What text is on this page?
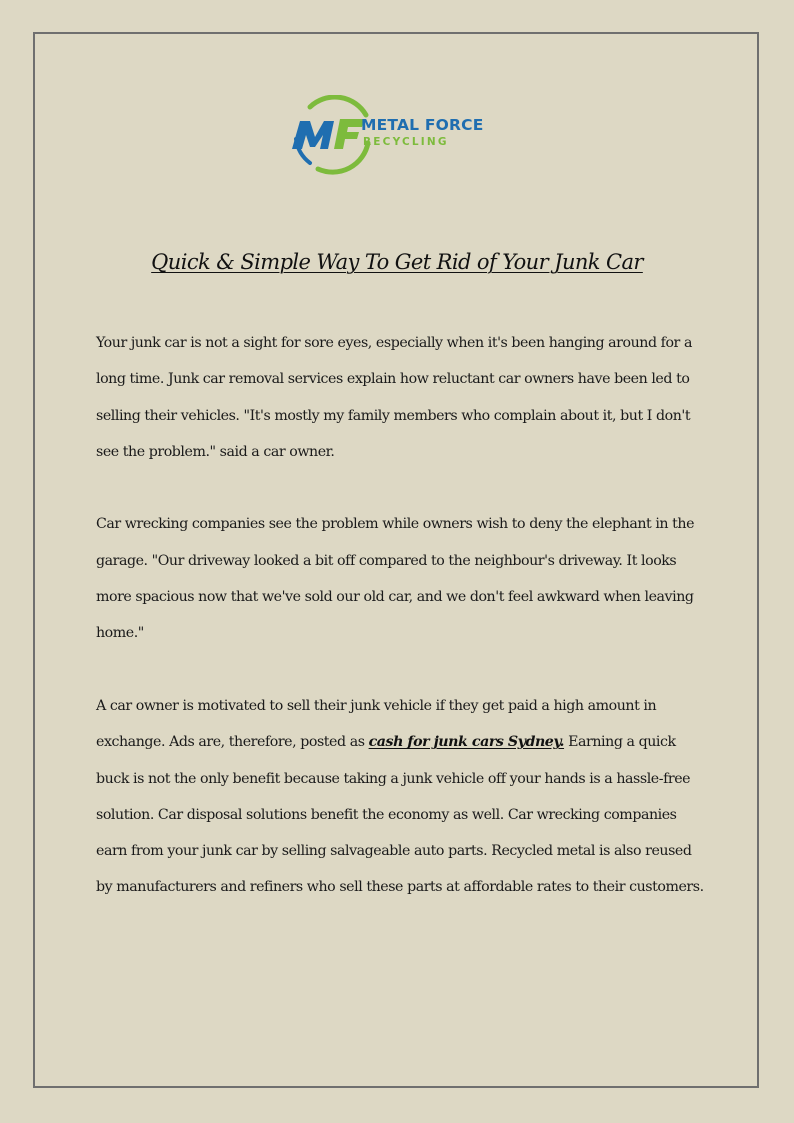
METAL FORCE
RECYCLING
Quick & Simple Way To Get Rid of Your Junk Car

Your junk car is not a sight for sore eyes, especially when it's been hanging around for a long time. Junk car removal services explain how reluctant car owners have been led to selling their vehicles. "It's mostly my family members who complain about it, but I don't see the problem." said a car owner.

Car wrecking companies see the problem while owners wish to deny the elephant in the garage. "Our driveway looked a bit off compared to the neighbour's driveway. It looks more spacious now that we've sold our old car, and we don't feel awkward when leaving home."

A car owner is motivated to sell their junk vehicle if they get paid a high amount in exchange. Ads are, therefore, posted as cash for junk cars Sydney. Earning a quick buck is not the only benefit because taking a junk vehicle off your hands is a hassle-free solution. Car disposal solutions benefit the economy as well. Car wrecking companies earn from your junk car by selling salvageable auto parts. Recycled metal is also reused by manufacturers and refiners who sell these parts at affordable rates to their customers.
